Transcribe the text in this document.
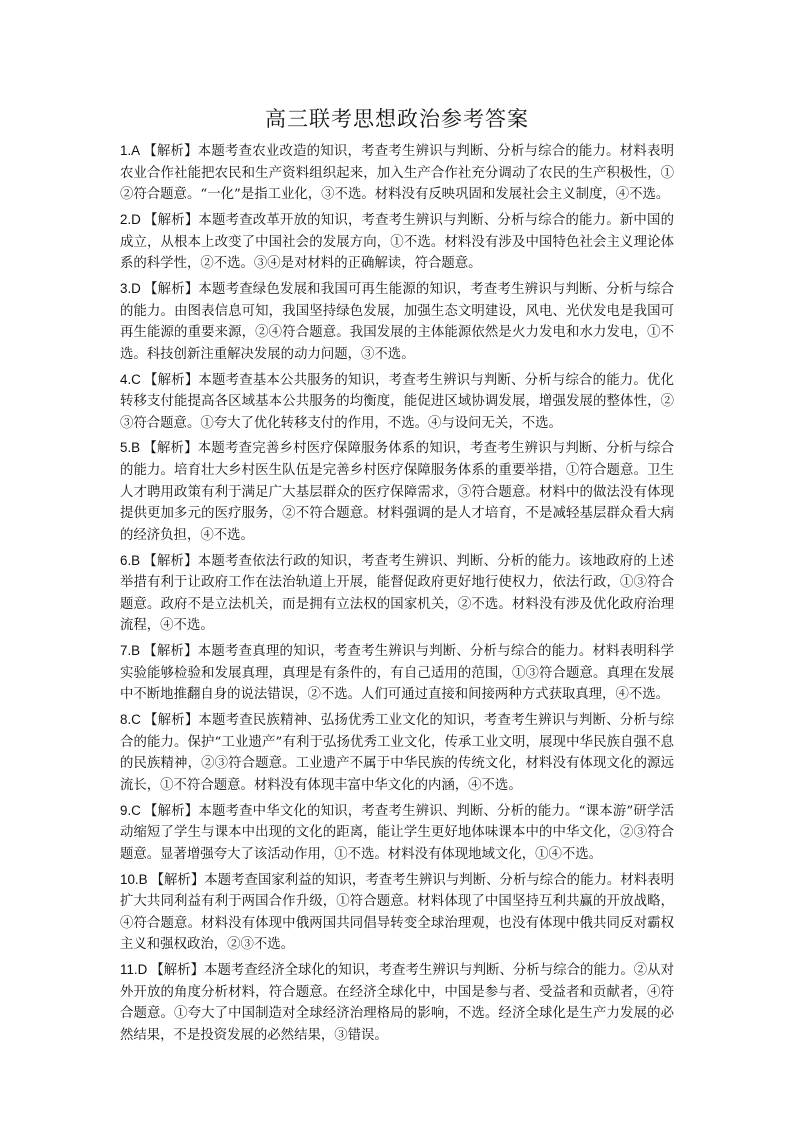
高三联考思想政治参考答案

1.A 【解析】本题考查农业改造的知识，考查考生辨识与判断、分析与综合的能力。材料表明农业合作社能把农民和生产资料组织起来，加入生产合作社充分调动了农民的生产积极性，①②符合题意。“一化”是指工业化，③不选。材料没有反映巩固和发展社会主义制度，④不选。

2.D 【解析】本题考查改革开放的知识，考查考生辨识与判断、分析与综合的能力。新中国的成立，从根本上改变了中国社会的发展方向，①不选。材料没有涉及中国特色社会主义理论体系的科学性，②不选。③④是对材料的正确解读，符合题意。

3.D 【解析】本题考查绿色发展和我国可再生能源的知识，考查考生辨识与判断、分析与综合的能力。由图表信息可知，我国坚持绿色发展，加强生态文明建设，风电、光伏发电是我国可再生能源的重要来源，②④符合题意。我国发展的主体能源依然是火力发电和水力发电，①不选。科技创新注重解决发展的动力问题，③不选。

4.C 【解析】本题考查基本公共服务的知识，考查考生辨识与判断、分析与综合的能力。优化转移支付能提高各区域基本公共服务的均衡度，能促进区域协调发展，增强发展的整体性，②③符合题意。①夸大了优化转移支付的作用，不选。④与设问无关，不选。

5.B 【解析】本题考查完善乡村医疗保障服务体系的知识，考查考生辨识与判断、分析与综合的能力。培育壮大乡村医生队伍是完善乡村医疗保障服务体系的重要举措，①符合题意。卫生人才聘用政策有利于满足广大基层群众的医疗保障需求，③符合题意。材料中的做法没有体现提供更加多元的医疗服务，②不符合题意。材料强调的是人才培育，不是减轻基层群众看大病的经济负担，④不选。

6.B 【解析】本题考查依法行政的知识，考查考生辨识、判断、分析的能力。该地政府的上述举措有利于让政府工作在法治轨道上开展，能督促政府更好地行使权力，依法行政，①③符合题意。政府不是立法机关，而是拥有立法权的国家机关，②不选。材料没有涉及优化政府治理流程，④不选。

7.B 【解析】本题考查真理的知识，考查考生辨识与判断、分析与综合的能力。材料表明科学实验能够检验和发展真理，真理是有条件的，有自己适用的范围，①③符合题意。真理在发展中不断地推翻自身的说法错误，②不选。人们可通过直接和间接两种方式获取真理，④不选。

8.C 【解析】本题考查民族精神、弘扬优秀工业文化的知识，考查考生辨识与判断、分析与综合的能力。保护“工业遗产”有利于弘扬优秀工业文化，传承工业文明，展现中华民族自强不息的民族精神，②③符合题意。工业遗产不属于中华民族的传统文化，材料没有体现文化的源远流长，①不符合题意。材料没有体现丰富中华文化的内涵，④不选。

9.C 【解析】本题考查中华文化的知识，考查考生辨识、判断、分析的能力。“课本游”研学活动缩短了学生与课本中出现的文化的距离，能让学生更好地体味课本中的中华文化，②③符合题意。显著增强夸大了该活动作用，①不选。材料没有体现地域文化，①④不选。

10.B 【解析】本题考查国家利益的知识，考查考生辨识与判断、分析与综合的能力。材料表明扩大共同利益有利于两国合作升级，①符合题意。材料体现了中国坚持互利共赢的开放战略，④符合题意。材料没有体现中俄两国共同倡导转变全球治理观，也没有体现中俄共同反对霸权主义和强权政治，②③不选。

11.D 【解析】本题考查经济全球化的知识，考查考生辨识与判断、分析与综合的能力。②从对外开放的角度分析材料，符合题意。在经济全球化中，中国是参与者、受益者和贡献者，④符合题意。①夸大了中国制造对全球经济治理格局的影响，不选。经济全球化是生产力发展的必然结果，不是投资发展的必然结果，③错误。
